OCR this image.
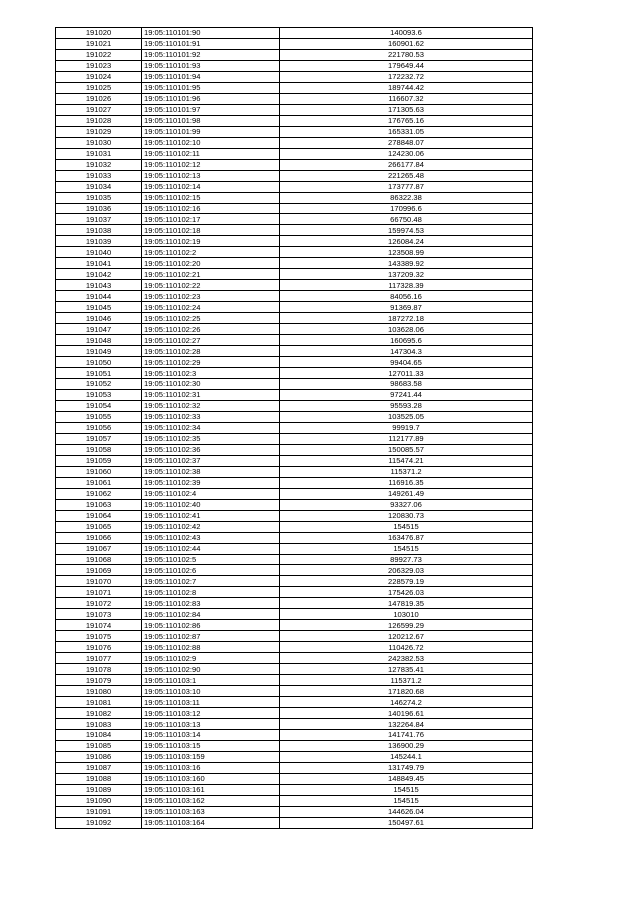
191020	19:05:110101:90	140093.6
191021	19:05:110101:91	160901.62
191022	19:05:110101:92	221780.53
191023	19:05:110101:93	179649.44
191024	19:05:110101:94	172232.72
191025	19:05:110101:95	189744.42
191026	19:05:110101:96	116607.32
191027	19:05:110101:97	171305.63
191028	19:05:110101:98	176765.16
191029	19:05:110101:99	165331.05
191030	19:05:110102:10	278848.07
191031	19:05:110102:11	124230.06
191032	19:05:110102:12	266177.84
191033	19:05:110102:13	221265.48
191034	19:05:110102:14	173777.87
191035	19:05:110102:15	86322.38
191036	19:05:110102:16	170996.6
191037	19:05:110102:17	66750.48
191038	19:05:110102:18	159974.53
191039	19:05:110102:19	126084.24
191040	19:05:110102:2	123508.99
191041	19:05:110102:20	143389.92
191042	19:05:110102:21	137209.32
191043	19:05:110102:22	117328.39
191044	19:05:110102:23	84056.16
191045	19:05:110102:24	91369.87
191046	19:05:110102:25	187272.18
191047	19:05:110102:26	103628.06
191048	19:05:110102:27	160695.6
191049	19:05:110102:28	147304.3
191050	19:05:110102:29	99404.65
191051	19:05:110102:3	127011.33
191052	19:05:110102:30	98683.58
191053	19:05:110102:31	97241.44
191054	19:05:110102:32	95593.28
191055	19:05:110102:33	103525.05
191056	19:05:110102:34	99919.7
191057	19:05:110102:35	112177.89
191058	19:05:110102:36	150085.57
191059	19:05:110102:37	115474.21
191060	19:05:110102:38	115371.2
191061	19:05:110102:39	116916.35
191062	19:05:110102:4	149261.49
191063	19:05:110102:40	93327.06
191064	19:05:110102:41	120830.73
191065	19:05:110102:42	154515
191066	19:05:110102:43	163476.87
191067	19:05:110102:44	154515
191068	19:05:110102:5	89927.73
191069	19:05:110102:6	206329.03
191070	19:05:110102:7	228579.19
191071	19:05:110102:8	175426.03
191072	19:05:110102:83	147819.35
191073	19:05:110102:84	103010
191074	19:05:110102:86	126599.29
191075	19:05:110102:87	120212.67
191076	19:05:110102:88	110426.72
191077	19:05:110102:9	242382.53
191078	19:05:110102:90	127835.41
191079	19:05:110103:1	115371.2
191080	19:05:110103:10	171820.68
191081	19:05:110103:11	146274.2
191082	19:05:110103:12	140196.61
191083	19:05:110103:13	132264.84
191084	19:05:110103:14	141741.76
191085	19:05:110103:15	136900.29
191086	19:05:110103:159	145244.1
191087	19:05:110103:16	131749.79
191088	19:05:110103:160	148849.45
191089	19:05:110103:161	154515
191090	19:05:110103:162	154515
191091	19:05:110103:163	144626.04
191092	19:05:110103:164	150497.61
